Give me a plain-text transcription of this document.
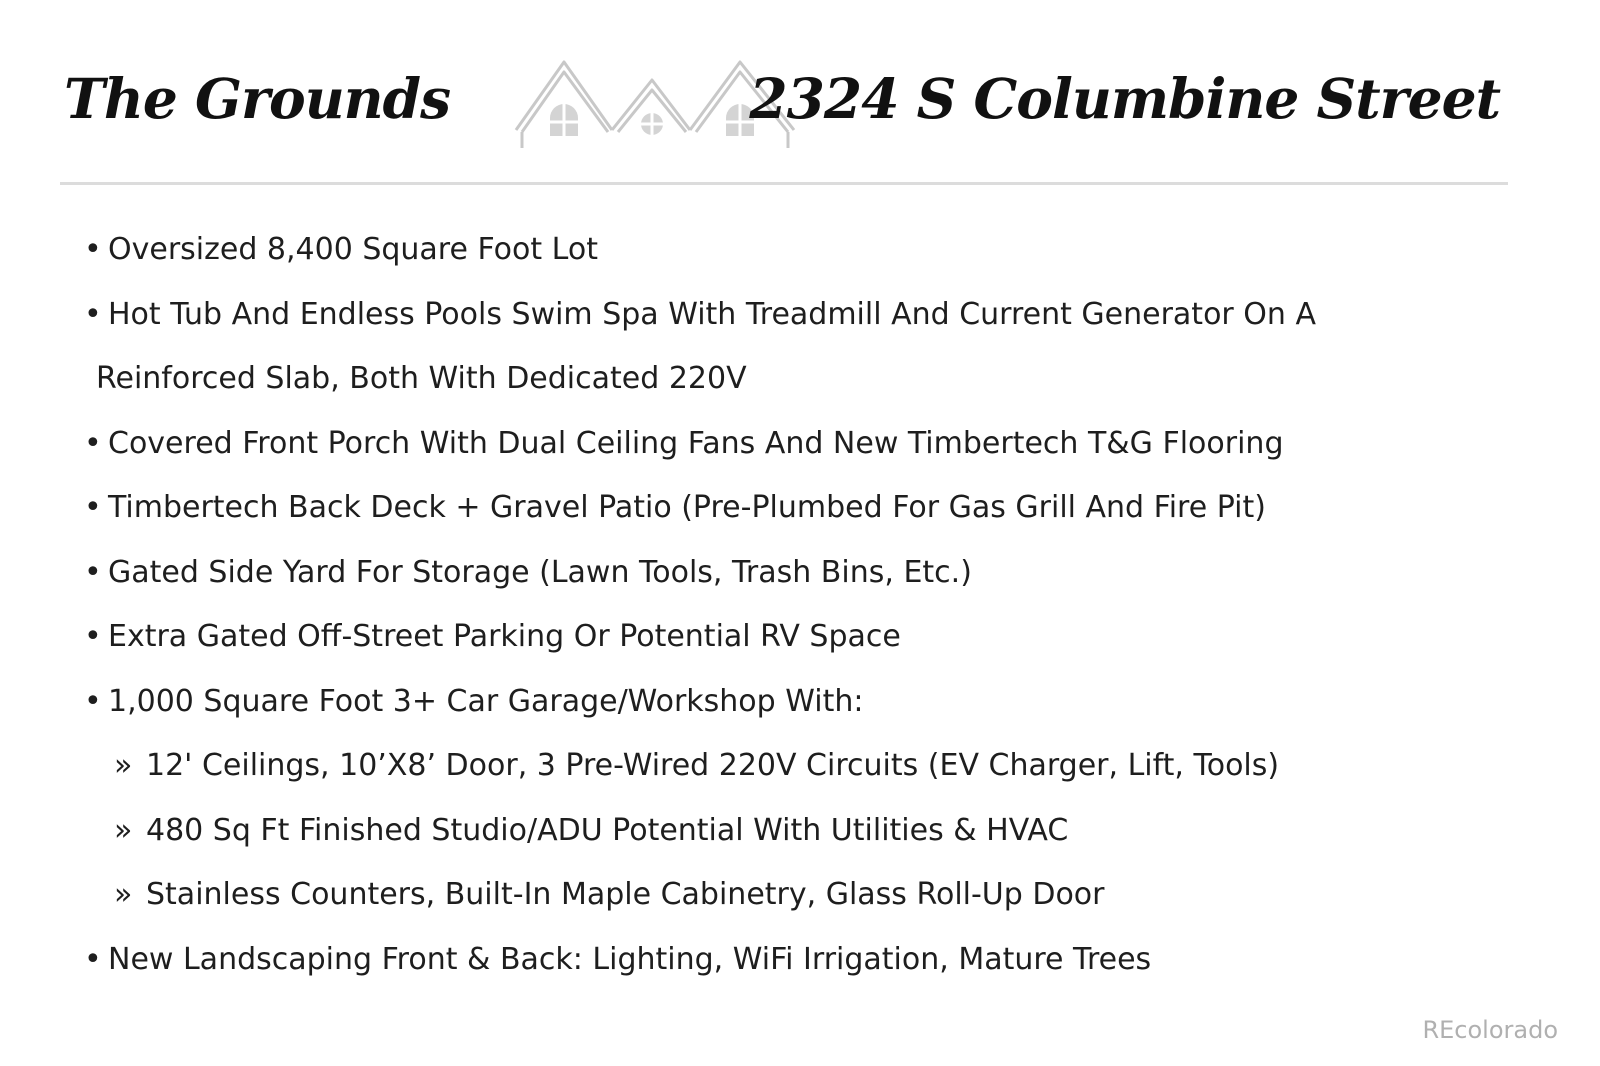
The Grounds	2324 S Columbine Street
• Oversized 8,400 Square Foot Lot
• Hot Tub And Endless Pools Swim Spa With Treadmill And Current Generator On A
Reinforced Slab, Both With Dedicated 220V
• Covered Front Porch With Dual Ceiling Fans And New Timbertech T&G Flooring
• Timbertech Back Deck + Gravel Patio (Pre-Plumbed For Gas Grill And Fire Pit)
• Gated Side Yard For Storage (Lawn Tools, Trash Bins, Etc.)
• Extra Gated Off-Street Parking Or Potential RV Space
• 1,000 Square Foot 3+ Car Garage/Workshop With:
» 12' Ceilings, 10’X8’ Door, 3 Pre-Wired 220V Circuits (EV Charger, Lift, Tools)
» 480 Sq Ft Finished Studio/ADU Potential With Utilities & HVAC
» Stainless Counters, Built-In Maple Cabinetry, Glass Roll-Up Door
• New Landscaping Front & Back: Lighting, WiFi Irrigation, Mature Trees
REcolorado
